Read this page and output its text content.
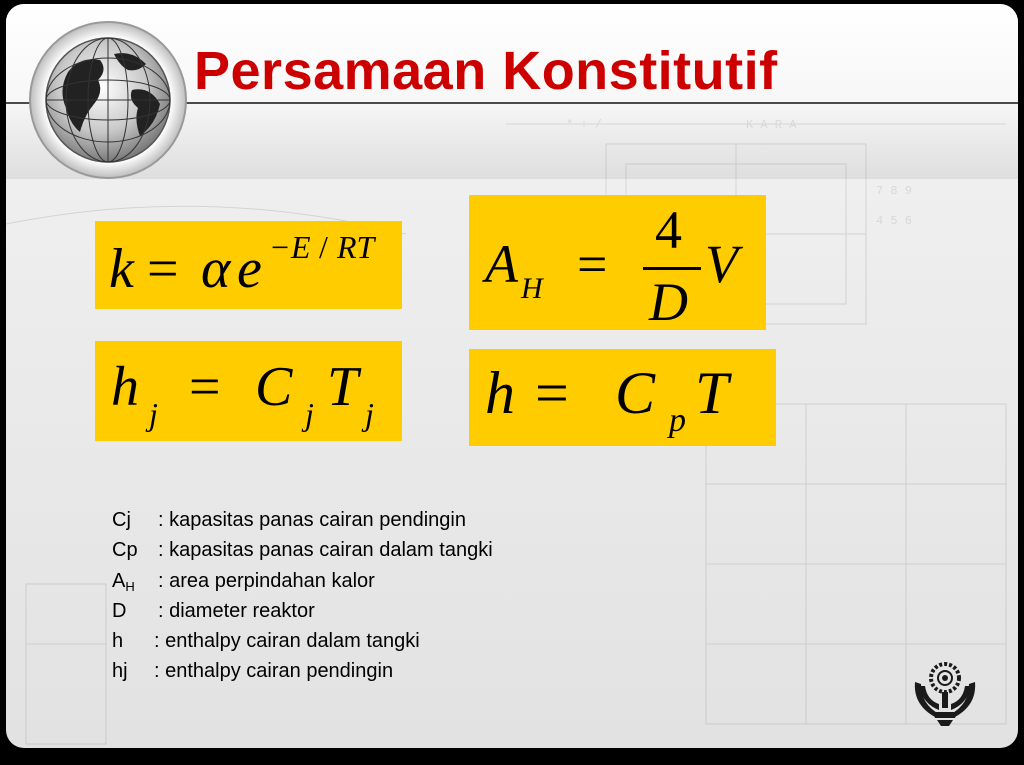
* + /	K A R A
7 8 9
4 5 6
Persamaan Konstitutif
k = α e − E / RT A H =
4
D
V
h j = C j T j h = C p T
Cj : kapasitas panas cairan pendingin
Cp : kapasitas panas cairan dalam tangki
$A_H$ : area perpindahan kalor
D : diameter reaktor
h : enthalpy cairan dalam tangki
hj : enthalpy cairan pendingin
